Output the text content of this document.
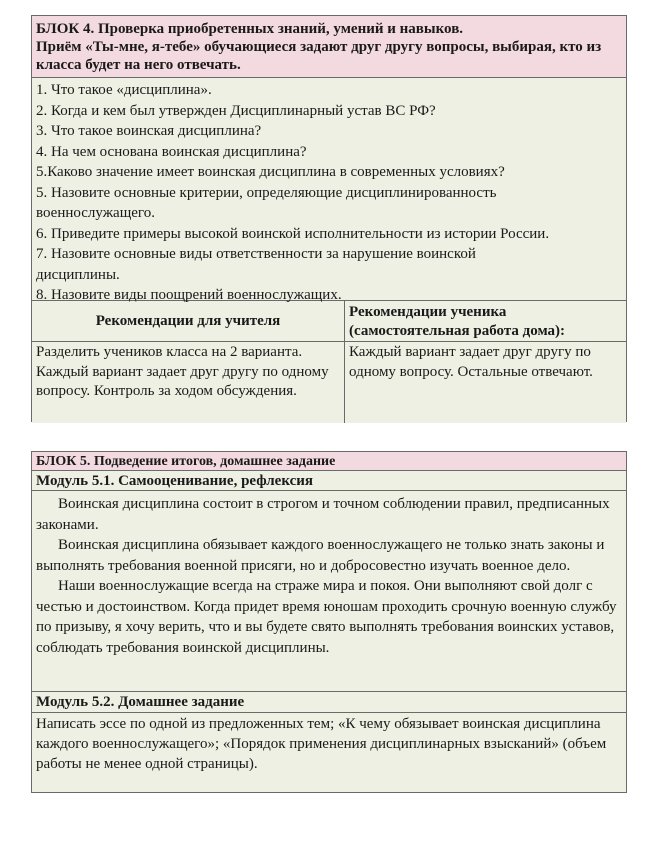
БЛОК 4. Проверка приобретенных знаний, умений и навыков.
Приём «Ты-мне, я-тебе» обучающиеся задают друг другу вопросы, выбирая, кто из класса будет на него отвечать.
1. Что такое «дисциплина».
2. Когда и кем был утвержден Дисциплинарный устав ВС РФ?
3. Что такое воинская дисциплина?
4. На чем основана воинская дисциплина?
5.Каково значение имеет воинская дисциплина в современных условиях?
5. Назовите основные критерии, определяющие дисциплинированность
военнослужащего.
6. Приведите примеры высокой воинской исполнительности из истории России.
7. Назовите основные виды ответственности за нарушение воинской
дисциплины.
8. Назовите виды поощрений военнослужащих.
Рекомендации для учителя
Разделить учеников класса на 2 варианта. Каждый вариант задает друг другу по одному вопросу. Контроль за ходом обсуждения.
Рекомендации ученика (самостоятельная работа дома):
Каждый вариант задает друг другу по одному вопросу. Остальные отвечают.
БЛОК 5. Подведение итогов, домашнее задание
Модуль 5.1. Самооценивание, рефлексия

Воинская дисциплина состоит в строгом и точном соблюдении правил, предписанных законами.

Воинская дисциплина обязывает каждого военнослужащего не только знать законы и выполнять требования военной присяги, но и добросовестно изучать военное дело.

Наши военнослужащие всегда на страже мира и покоя. Они выполняют свой долг с честью и достоинством. Когда придет время юношам проходить срочную военную службу по призыву, я хочу верить, что и вы будете свято выполнять требования воинских уставов, соблюдать требования воинской дисциплины.

Модуль 5.2. Домашнее задание
Написать эссе по одной из предложенных тем; «К чему обязывает воинская дисциплина каждого военнослужащего»; «Порядок применения дисциплинарных взысканий» (объем работы не менее одной страницы).
